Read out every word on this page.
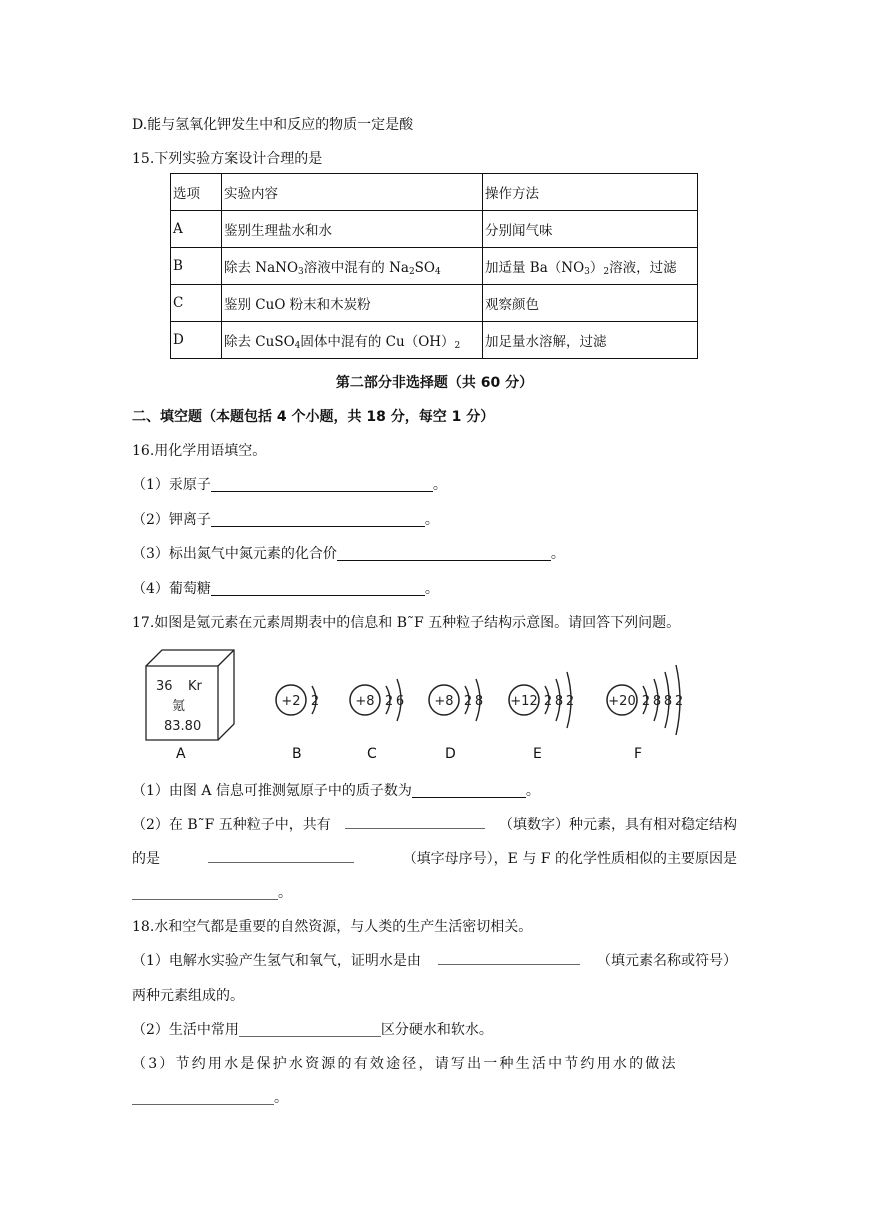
D.能与氢氧化钾发生中和反应的物质一定是酸
15.下列实验方案设计合理的是
选项	实验内容	操作方法
A	鉴别生理盐水和水	分别闻气味
B	除去 NaNO$_3$溶液中混有的 $Na_2SO_4$	加适量 $Ba(NO_3)_2$溶液，过滤
C	鉴别 CuO 粉末和木炭粉	观察颜色
D	除去 CuSO$_4$固体中混有的 $Cu(OH)_2$	加足量水溶解，过滤
第二部分非选择题（共 60 分）
二、填空题（本题包括 4 个小题，共 18 分，每空 1 分）
16.用化学用语填空。
（1）汞原子	。
（2）钾离子	。
（3）标出氮气中氮元素的化合价	。
（4）葡萄糖	。
17.如图是氪元素在元素周期表中的信息和 B˜F 五种粒子结构示意图。请回答下列问题。
36 Kr
氪
83.80
+2 2	+8 2 6 +8 2 8 +12 2 8 2	+20 2 8 8 2
A	B	C	D	E	F
（1）由图 A 信息可推测氪原子中的质子数为	。
（2）在 B˜F 五种粒子中，共有	（填数字）种元素，具有相对稳定结构
的是	（填字母序号），E 与 F 的化学性质相似的主要原因是
。
18.水和空气都是重要的自然资源，与人类的生产生活密切相关。
（1）电解水实验产生氢气和氧气，证明水是由	（填元素名称或符号）
两种元素组成的。
（2）生活中常用	区分硬水和软水。
（3）节约用水是保护水资源的有效途径，请写出一种生活中节约用水的做法
。
